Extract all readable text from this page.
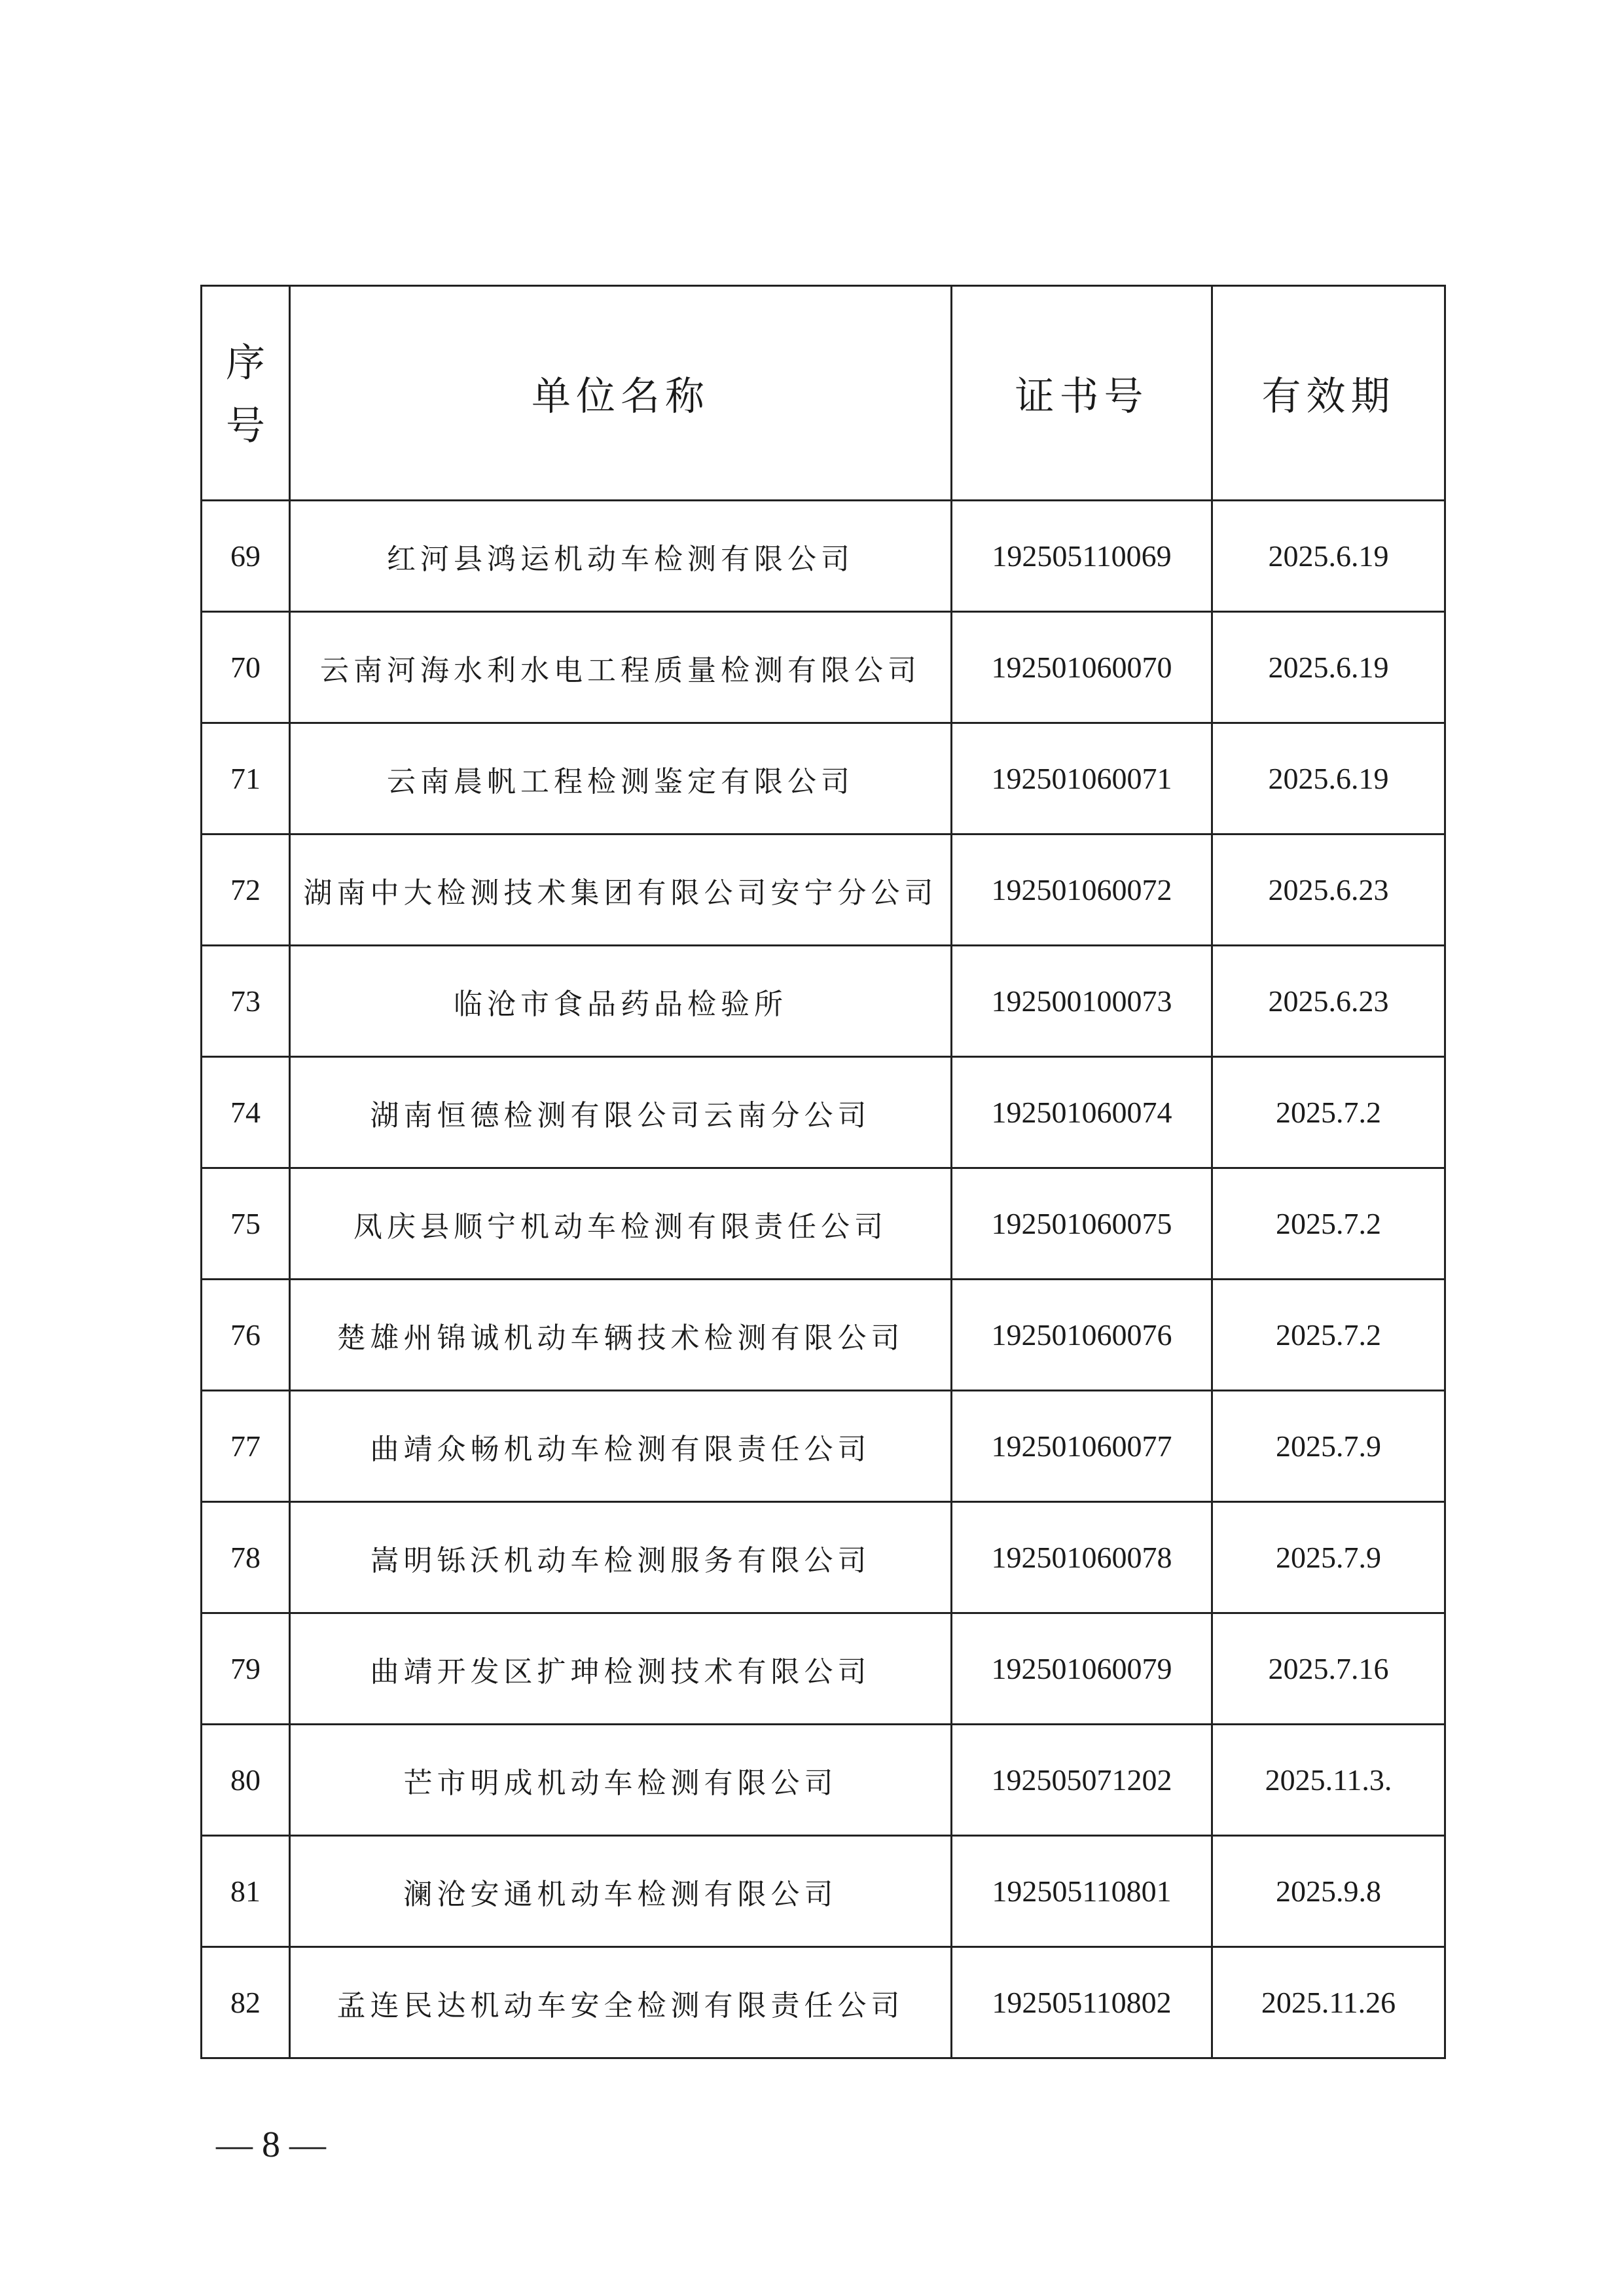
序
号	单位名称	证书号	有效期
69	红河县鸿运机动车检测有限公司	192505110069	2025.6.19
70	云南河海水利水电工程质量检测有限公司	192501060070	2025.6.19
71	云南晨帆工程检测鉴定有限公司	192501060071	2025.6.19
72	湖南中大检测技术集团有限公司安宁分公司	192501060072	2025.6.23
73	临沧市食品药品检验所	192500100073	2025.6.23
74	湖南恒德检测有限公司云南分公司	192501060074	2025.7.2
75	凤庆县顺宁机动车检测有限责任公司	192501060075	2025.7.2
76	楚雄州锦诚机动车辆技术检测有限公司	192501060076	2025.7.2
77	曲靖众畅机动车检测有限责任公司	192501060077	2025.7.9
78	嵩明铄沃机动车检测服务有限公司	192501060078	2025.7.9
79	曲靖开发区扩珅检测技术有限公司	192501060079	2025.7.16
80	芒市明成机动车检测有限公司	192505071202	2025.11.3.
81	澜沧安通机动车检测有限公司	192505110801	2025.9.8
82	孟连民达机动车安全检测有限责任公司	192505110802	2025.11.26
— 8 —
